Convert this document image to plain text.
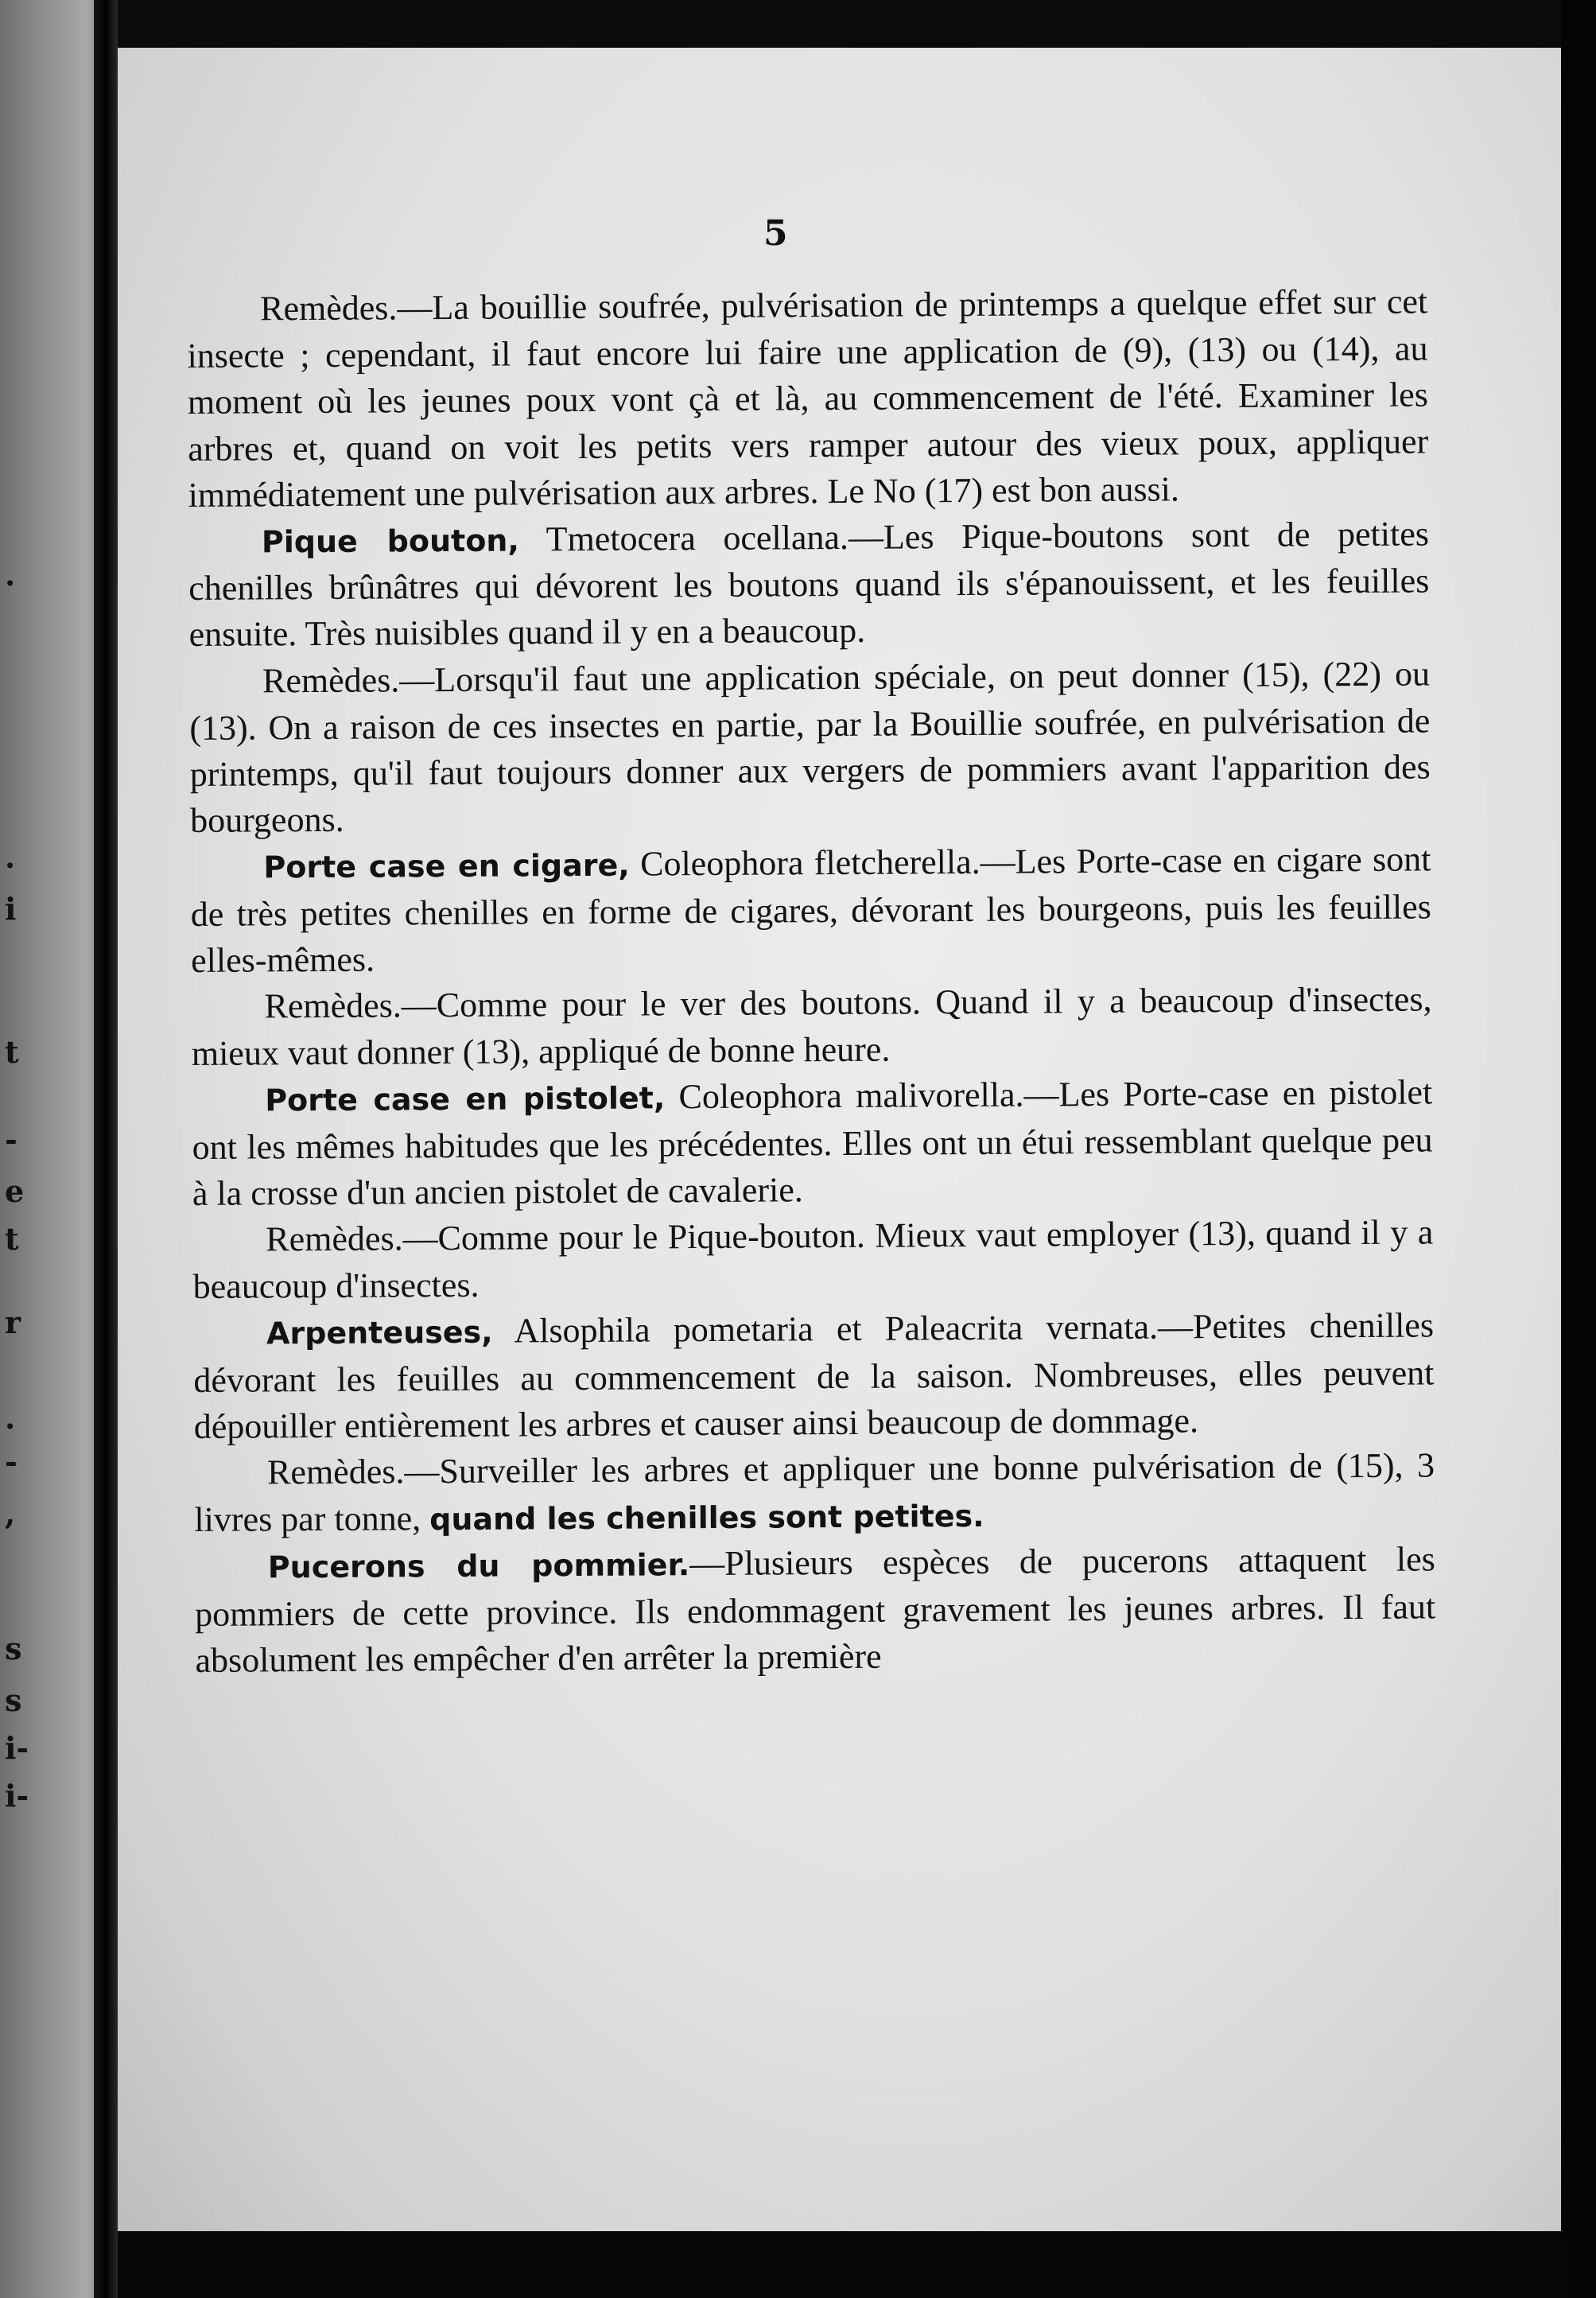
.
.
i
t
-
e
t
r
.
-
,
s
s
i-
i-
5

Remèdes.—La bouillie soufrée, pulvérisation de printemps a quelque effet sur cet insecte ; cependant, il faut encore lui faire une application de (9), (13) ou (14), au moment où les jeunes poux vont çà et là, au commencement de l'été. Examiner les arbres et, quand on voit les petits vers ramper autour des vieux poux, appliquer immédiatement une pulvérisation aux arbres. Le No (17) est bon aussi.

Pique bouton, Tmetocera ocellana.—Les Pique-boutons sont de petites chenilles brûnâtres qui dévorent les boutons quand ils s'épanouissent, et les feuilles ensuite. Très nuisibles quand il y en a beaucoup.

Remèdes.—Lorsqu'il faut une application spéciale, on peut donner (15), (22) ou (13). On a raison de ces insectes en partie, par la Bouillie soufrée, en pulvérisation de printemps, qu'il faut toujours donner aux vergers de pommiers avant l'apparition des bourgeons.

Porte case en cigare, Coleophora fletcherella.—Les Porte-case en cigare sont de très petites chenilles en forme de cigares, dévorant les bourgeons, puis les feuilles elles-mêmes.

Remèdes.—Comme pour le ver des boutons. Quand il y a beaucoup d'insectes, mieux vaut donner (13), appliqué de bonne heure.

Porte case en pistolet, Coleophora malivorella.—Les Porte-case en pistolet ont les mêmes habitudes que les précédentes. Elles ont un étui ressemblant quelque peu à la crosse d'un ancien pistolet de cavalerie.

Remèdes.—Comme pour le Pique-bouton. Mieux vaut employer (13), quand il y a beaucoup d'insectes.

Arpenteuses, Alsophila pometaria et Paleacrita vernata.—Petites chenilles dévorant les feuilles au commencement de la saison. Nombreuses, elles peuvent dépouiller entièrement les arbres et causer ainsi beaucoup de dommage.

Remèdes.—Surveiller les arbres et appliquer une bonne pulvérisation de (15), 3 livres par tonne, quand les chenilles sont petites.

Pucerons du pommier.—Plusieurs espèces de pucerons attaquent les pommiers de cette province. Ils endommagent gravement les jeunes arbres. Il faut absolument les empêcher d'en arrêter la première
